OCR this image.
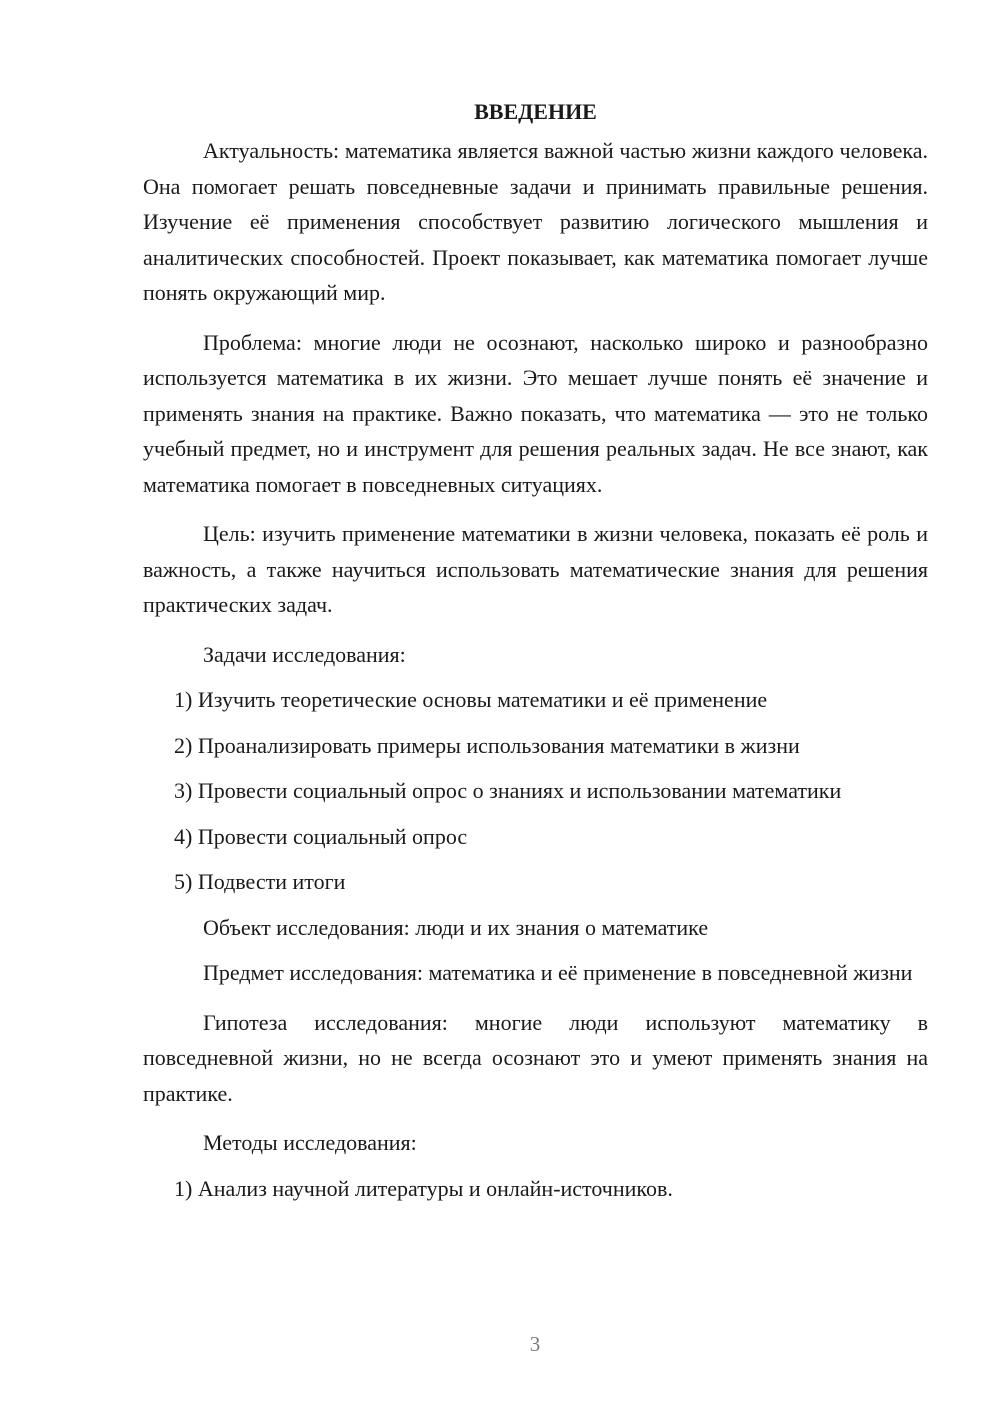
ВВЕДЕНИЕ

Актуальность: математика является важной частью жизни каждого человека. Она помогает решать повседневные задачи и принимать правильные решения. Изучение её применения способствует развитию логического мышления и аналитических способностей. Проект показывает, как математика помогает лучше понять окружающий мир.

Проблема: многие люди не осознают, насколько широко и разнообразно используется математика в их жизни. Это мешает лучше понять её значение и применять знания на практике. Важно показать, что математика — это не только учебный предмет, но и инструмент для решения реальных задач. Не все знают, как математика помогает в повседневных ситуациях.

Цель: изучить применение математики в жизни человека, показать её роль и важность, а также научиться использовать математические знания для решения практических задач.

Задачи исследования:
1) Изучить теоретические основы математики и её применение
2) Проанализировать примеры использования математики в жизни
3) Провести социальный опрос о знаниях и использовании математики
4) Провести социальный опрос
5) Подвести итоги
Объект исследования: люди и их знания о математике

Предмет исследования: математика и её применение в повседневной жизни

Гипотеза исследования: многие люди используют математику в повседневной жизни, но не всегда осознают это и умеют применять знания на практике.

Методы исследования:
1) Анализ научной литературы и онлайн-источников.
3
